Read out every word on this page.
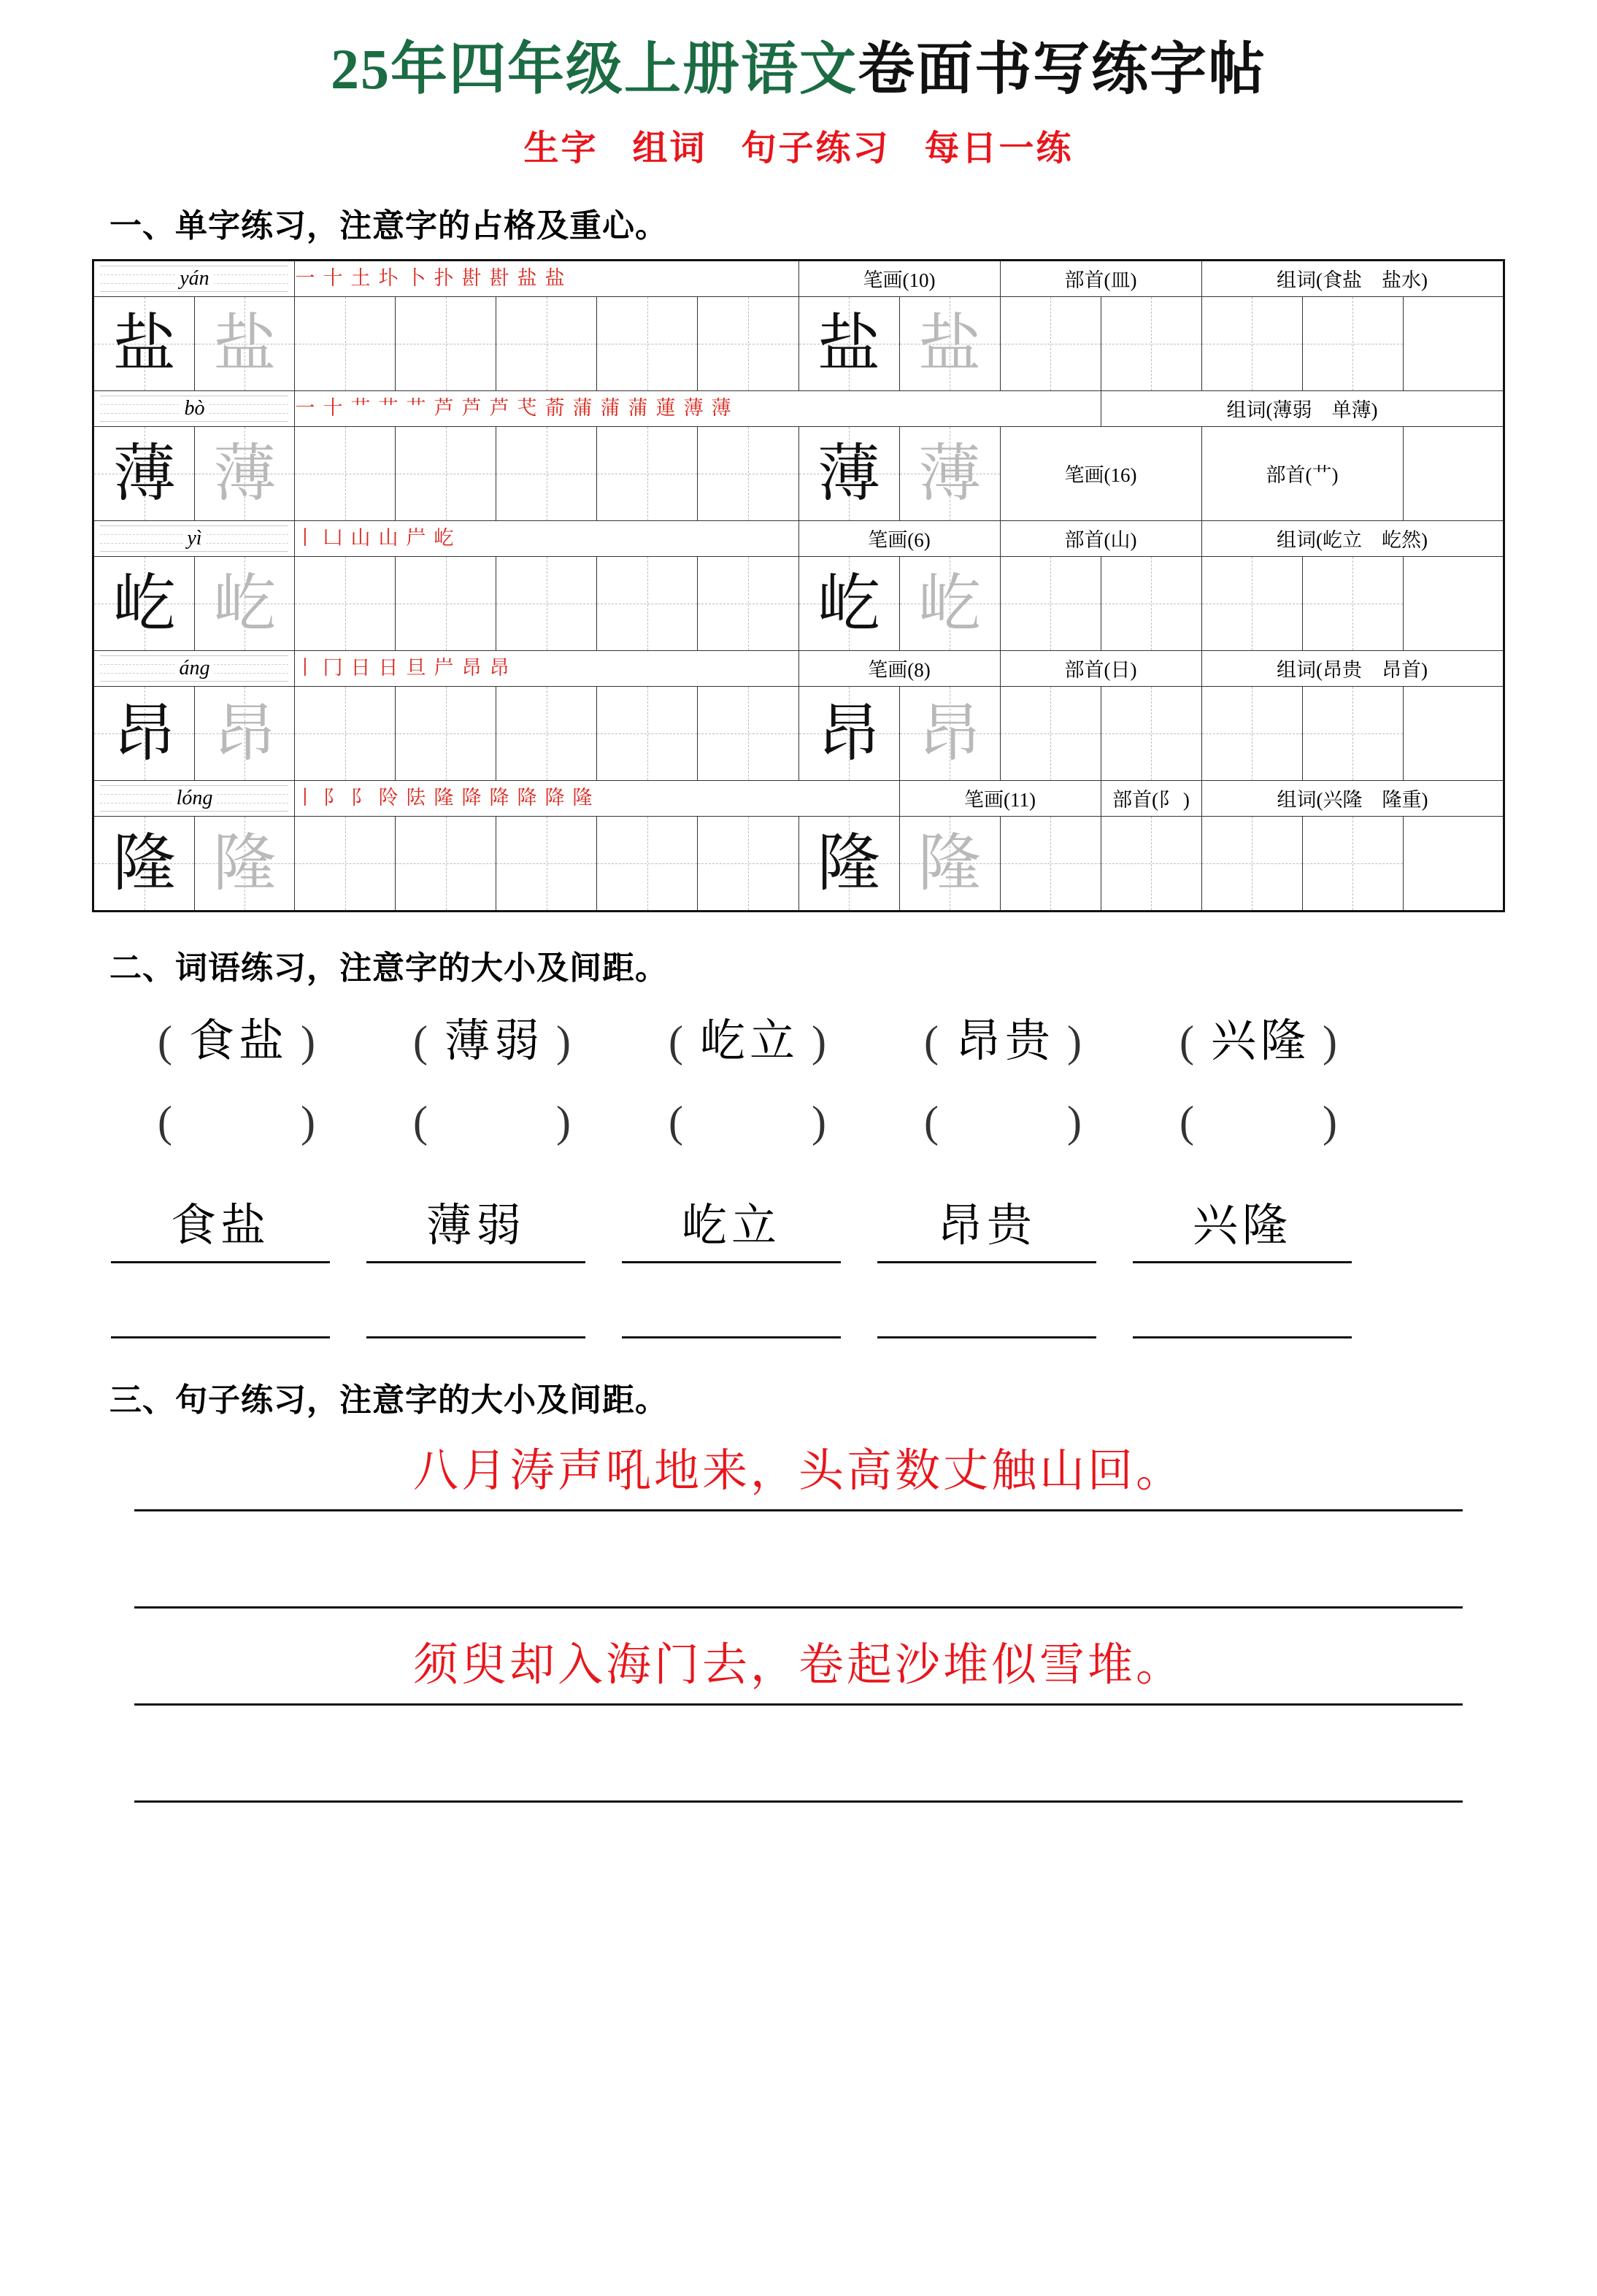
25年四年级上册语文卷面书写练字帖
生字 组词 句子练习 每日一练
一、单字练习，注意字的占格及重心。
yán	一 十 土 圤 卜 扑 卙 卙 盐 盐					笔画(10)		部首(皿)		组词(食盐　盐水)	

盐 盐						盐	盐				

bò	一 十 艹 艹 艹 芦 芦 芦 芅 萮 蒲 蒲 蒲 蓮 薄 薄								组词(薄弱　单薄)		

薄 薄						薄	薄	笔画(16)		部首(艹)	

yì	丨 凵 山 山 屵 屹					笔画(6)		部首(山)		组词(屹立　屹然)	

屹 屹						屹	屹				

áng	丨 冂 日 日 旦 屵 昂 昂					笔画(8)		部首(日)		组词(昂贵　昂首)	

昂 昂						昂	昂				

lóng	丨 阝 阝 阾 阹 隆 降 降 降 降 隆						笔画(11)		部首(阝 )	组词(兴隆　隆重)	

隆 隆						隆	隆				

二、词语练习，注意字的大小及间距。
( 食盐 )	( 薄弱 )	( 屹立 )	( 昂贵 )	( 兴隆 )
(	)	(	)	(	)	(	)	(	)
食盐	薄弱	屹立	昂贵	兴隆
三、句子练习，注意字的大小及间距。
八月涛声吼地来，头高数丈触山回。
须臾却入海门去，卷起沙堆似雪堆。
